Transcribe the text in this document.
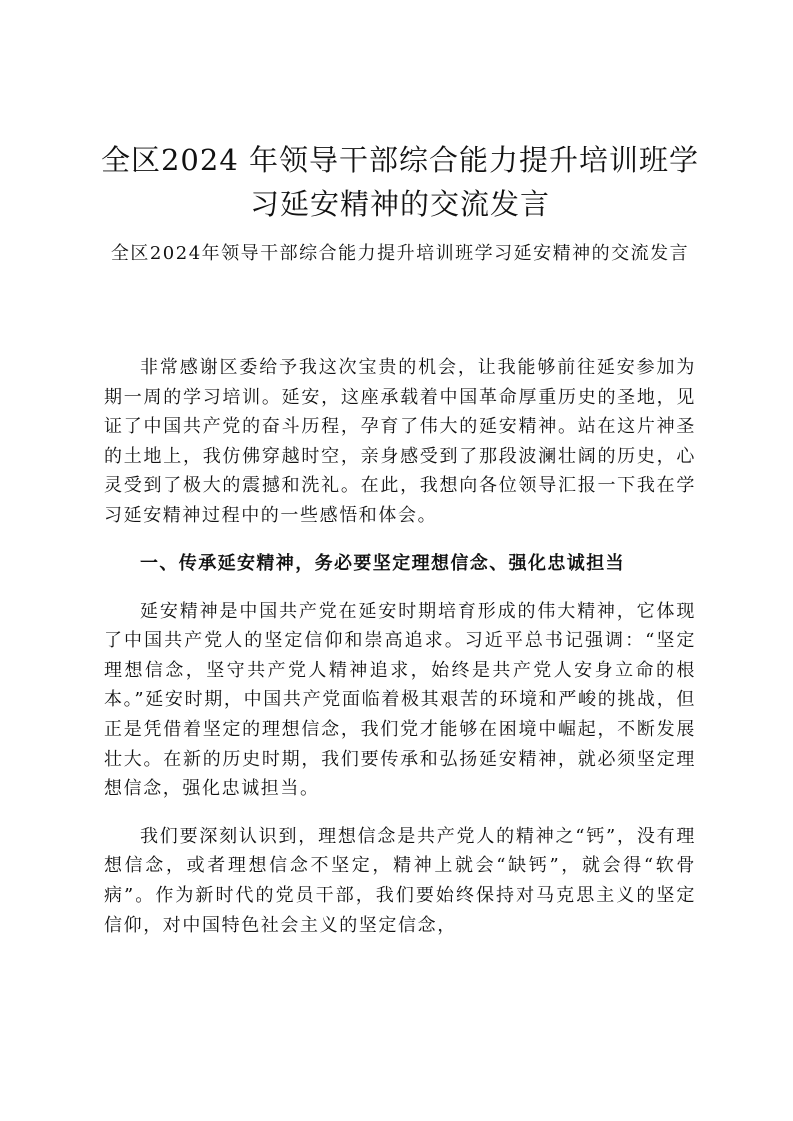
全区2024 年领导干部综合能力提升培训班学习延安精神的交流发言

全区2024年领导干部综合能力提升培训班学习延安精神的交流发言

非常感谢区委给予我这次宝贵的机会，让我能够前往延安参加为期一周的学习培训。延安，这座承载着中国革命厚重历史的圣地，见证了中国共产党的奋斗历程，孕育了伟大的延安精神。站在这片神圣的土地上，我仿佛穿越时空，亲身感受到了那段波澜壮阔的历史，心灵受到了极大的震撼和洗礼。在此，我想向各位领导汇报一下我在学习延安精神过程中的一些感悟和体会。

一、传承延安精神，务必要坚定理想信念、强化忠诚担当

延安精神是中国共产党在延安时期培育形成的伟大精神，它体现了中国共产党人的坚定信仰和崇高追求。习近平总书记强调：“坚定理想信念，坚守共产党人精神追求，始终是共产党人安身立命的根本。”延安时期，中国共产党面临着极其艰苦的环境和严峻的挑战，但正是凭借着坚定的理想信念，我们党才能够在困境中崛起，不断发展壮大。在新的历史时期，我们要传承和弘扬延安精神，就必须坚定理想信念，强化忠诚担当。

我们要深刻认识到，理想信念是共产党人的精神之“钙”，没有理想信念，或者理想信念不坚定，精神上就会“缺钙”，就会得“软骨病”。作为新时代的党员干部，我们要始终保持对马克思主义的坚定信仰，对中国特色社会主义的坚定信念，
